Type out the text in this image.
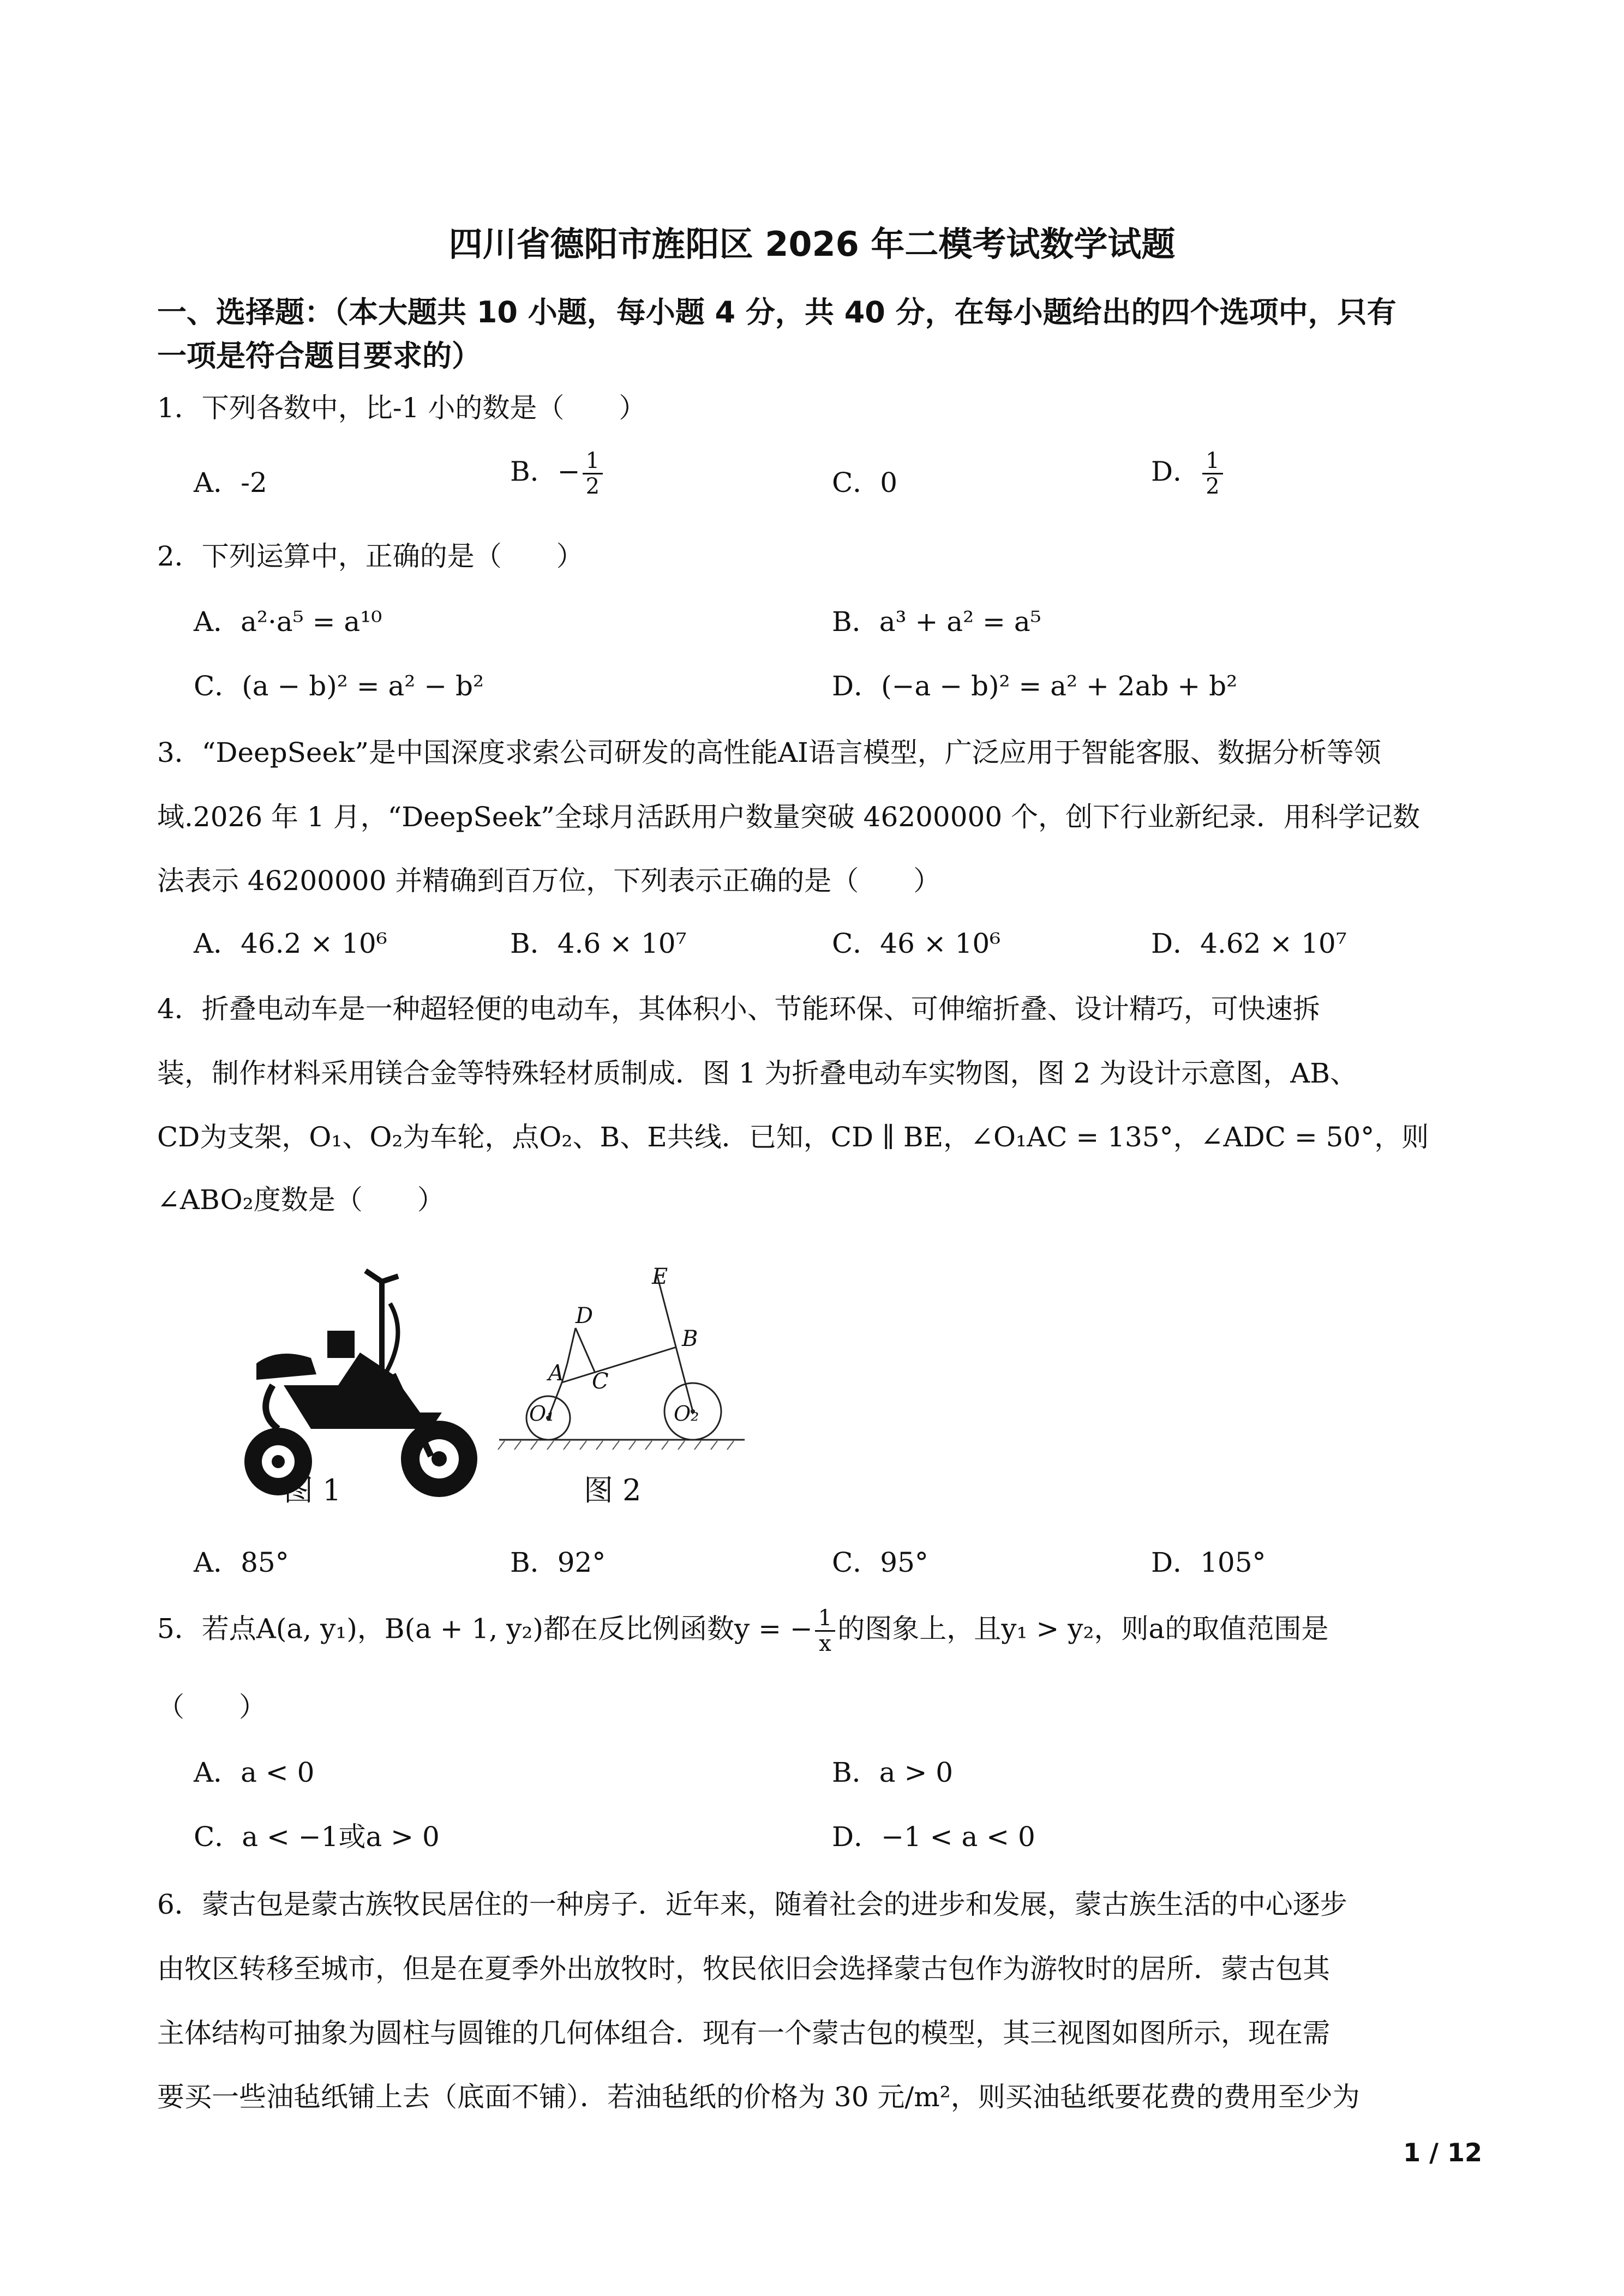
四川省德阳市旌阳区 2026 年二模考试数学试题
一、选择题：（本大题共 10 小题，每小题 4 分，共 40 分，在每小题给出的四个选项中，只有
一项是符合题目要求的）
1．下列各数中，比-1 小的数是（　　）
A．-2	B．− $\frac{1}{2}$	C．0	D． $\frac{1}{2}$
2．下列运算中，正确的是（　　）
A．a²·a⁵ = a¹⁰	B．a³ + a² = a⁵
C．(a − b)² = a² − b²	D．(−a − b)² = a² + 2ab + b²
3．“DeepSeek”是中国深度求索公司研发的高性能AI语言模型，广泛应用于智能客服、数据分析等领
域.2026 年 1 月，“DeepSeek”全球月活跃用户数量突破 46200000 个，创下行业新纪录．用科学记数
法表示 46200000 并精确到百万位，下列表示正确的是（　　）
A．46.2 × 10⁶	B．4.6 × 10⁷	C．46 × 10⁶	D．4.62 × 10⁷
4．折叠电动车是一种超轻便的电动车，其体积小、节能环保、可伸缩折叠、设计精巧，可快速拆
装，制作材料采用镁合金等特殊轻材质制成．图 1 为折叠电动车实物图，图 2 为设计示意图，AB、
CD为支架，O₁、O₂为车轮，点O₂、B、E共线．已知，CD ∥ BE，∠O₁AC = 135°，∠ADC = 50°，则
∠ABO₂度数是（　　）
图 1
E
D
B
A C
O₁	O₂
图 2
A．85°	B．92°	C．95°	D．105°
5．若点A(a, y₁)，B(a + 1, y₂)都在反比例函数y = − $\frac{1}{x}$ 的图象上，且y₁ > y₂，则a的取值范围是
（　　）
A．a < 0	B．a > 0
C．a < −1或a > 0	D．−1 < a < 0
6．蒙古包是蒙古族牧民居住的一种房子．近年来，随着社会的进步和发展，蒙古族生活的中心逐步
由牧区转移至城市，但是在夏季外出放牧时，牧民依旧会选择蒙古包作为游牧时的居所．蒙古包其
主体结构可抽象为圆柱与圆锥的几何体组合．现有一个蒙古包的模型，其三视图如图所示，现在需
要买一些油毡纸铺上去（底面不铺）．若油毡纸的价格为 30 元/m²，则买油毡纸要花费的费用至少为
1 / 12
